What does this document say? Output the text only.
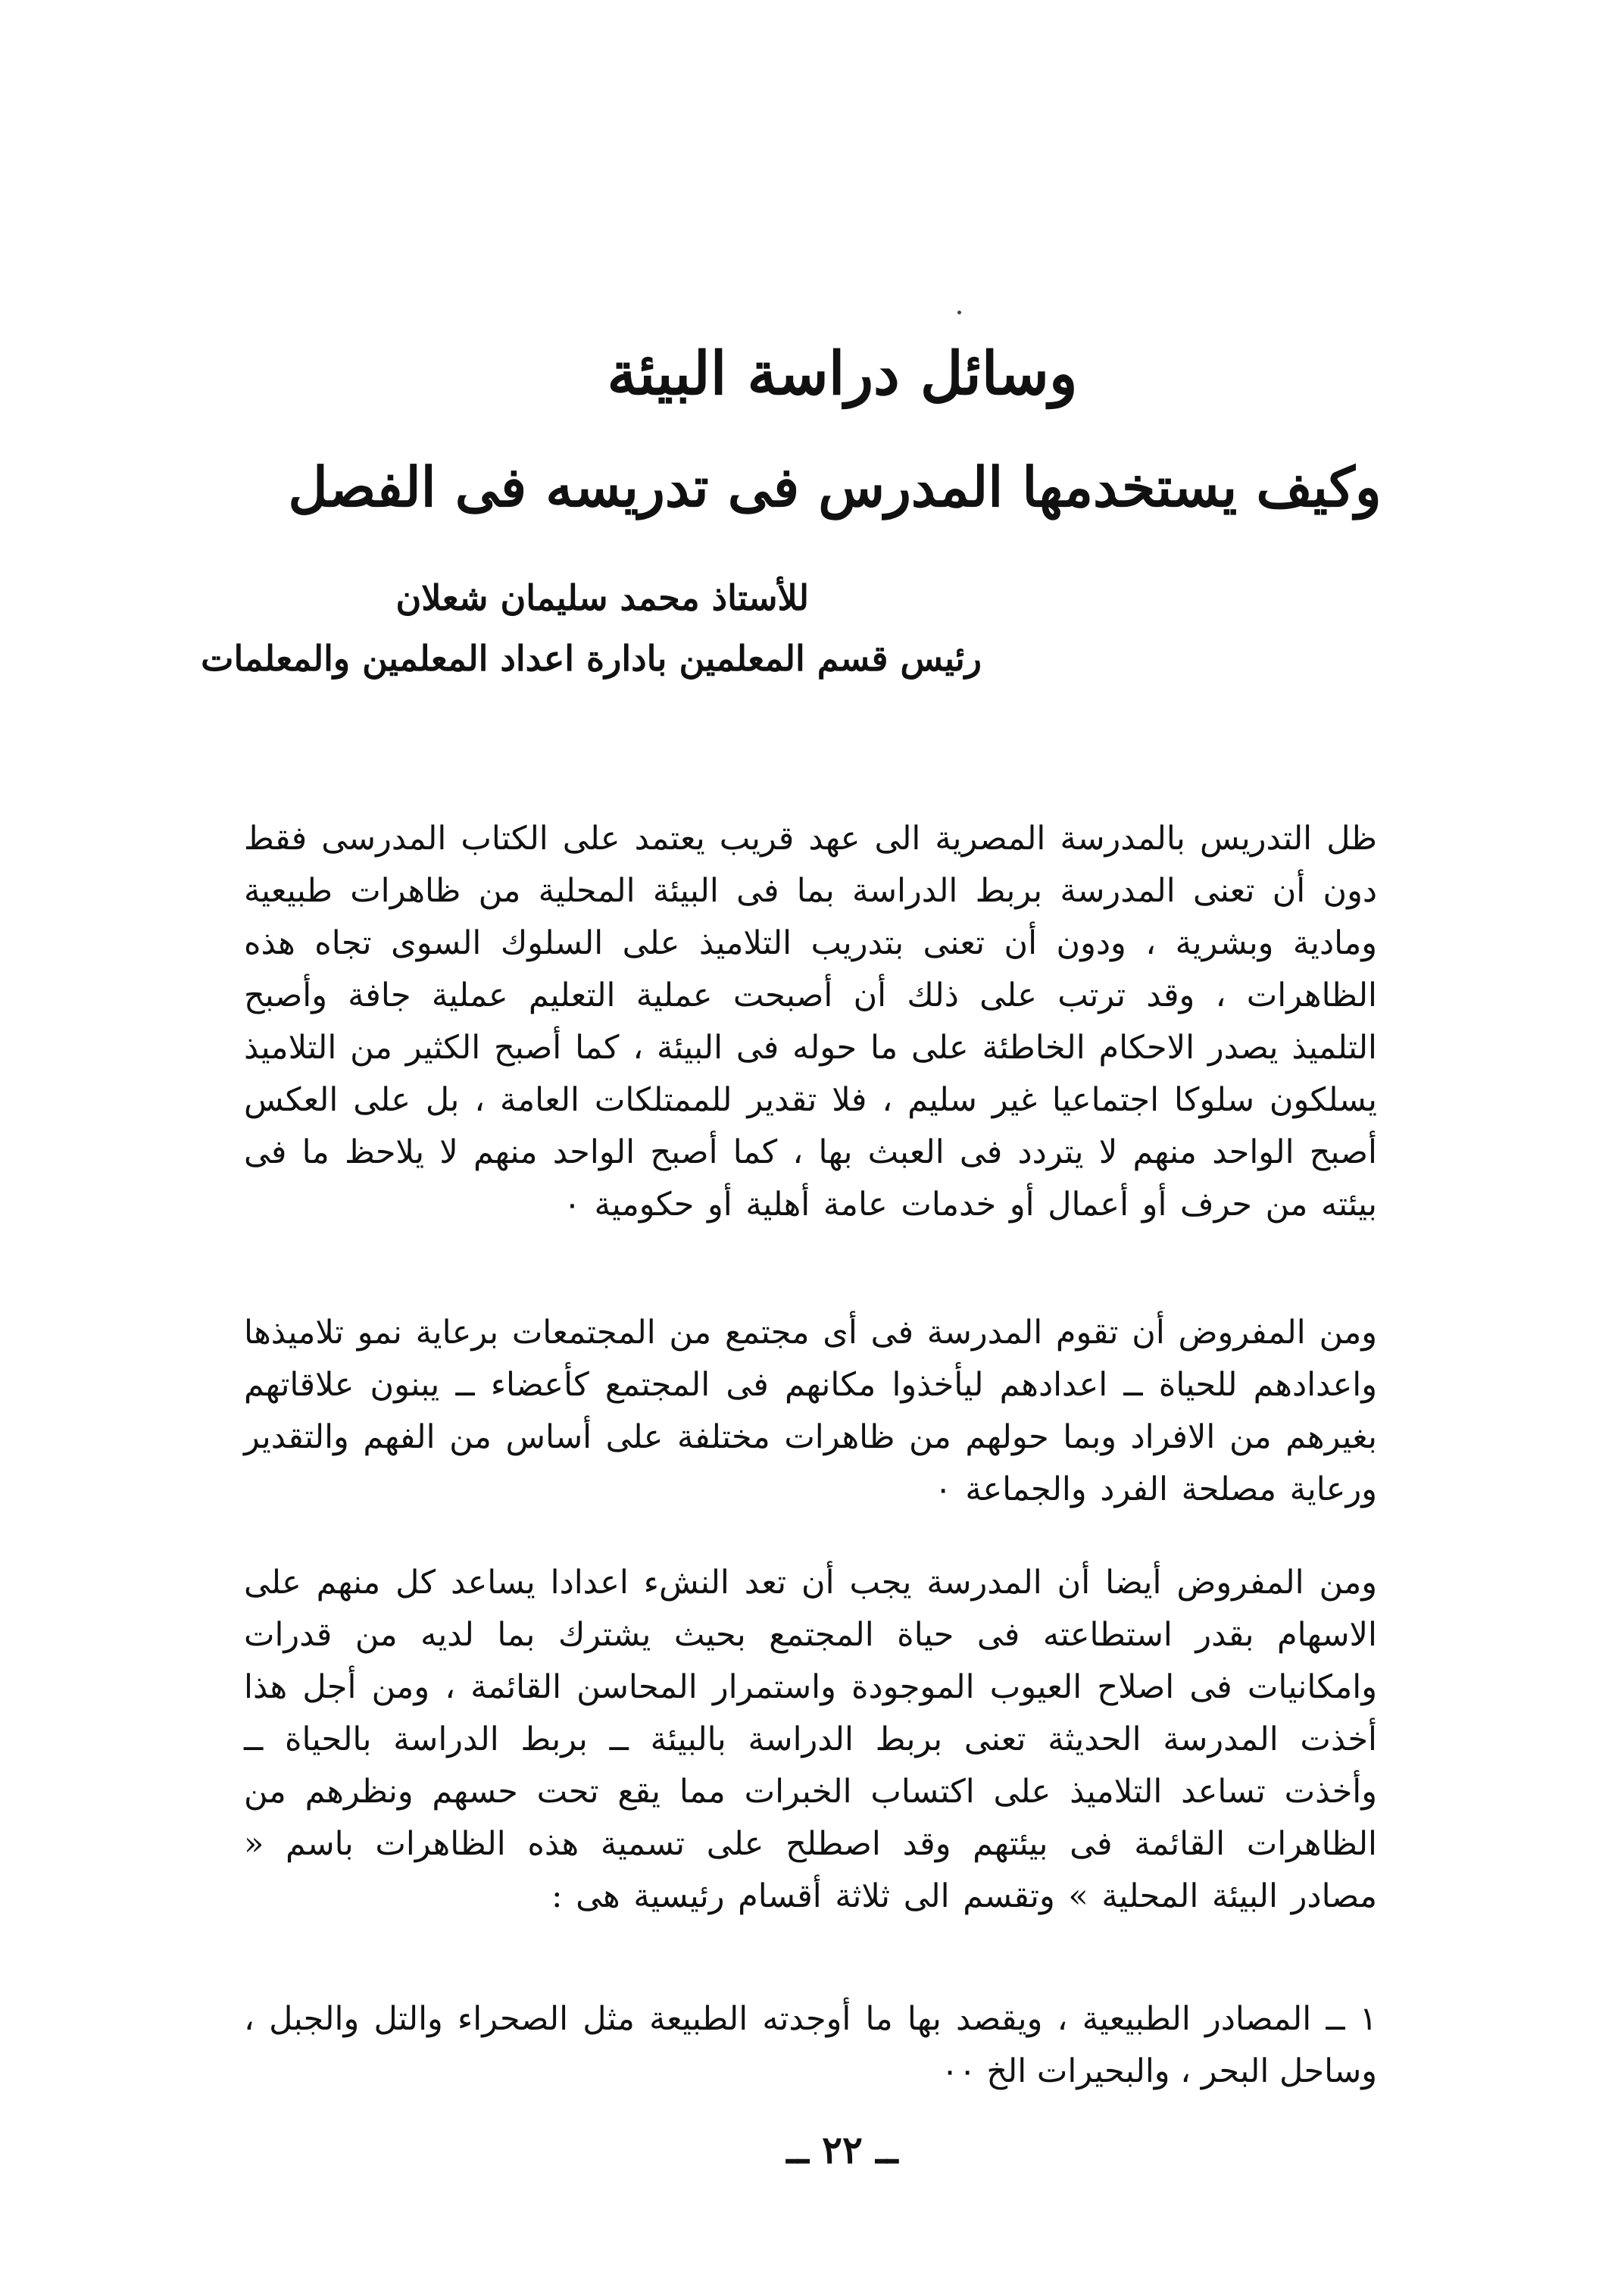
وسائل دراسة البيئة
وكيف يستخدمها المدرس فى تدريسه فى الفصل
للأستاذ محمد سليمان شعلان
رئيس قسم المعلمين بادارة اعداد المعلمين والمعلمات

ظل التدريس بالمدرسة المصرية الى عهد قريب يعتمد على الكتاب المدرسى فقط دون أن تعنى المدرسة بربط الدراسة بما فى البيئة المحلية من ظاهرات طبيعية ومادية وبشرية ، ودون أن تعنى بتدريب التلاميذ على السلوك السوى تجاه هذه الظاهرات ، وقد ترتب على ذلك أن أصبحت عملية التعليم عملية جافة وأصبح التلميذ يصدر الاحكام الخاطئة على ما حوله فى البيئة ، كما أصبح الكثير من التلاميذ يسلكون سلوكا اجتماعيا غير سليم ، فلا تقدير للممتلكات العامة ، بل على العكس أصبح الواحد منهم لا يتردد فى العبث بها ، كما أصبح الواحد منهم لا يلاحظ ما فى بيئته من حرف أو أعمال أو خدمات عامة أهلية أو حكومية ٠

ومن المفروض أن تقوم المدرسة فى أى مجتمع من المجتمعات برعاية نمو تلاميذها واعدادهم للحياة ــ اعدادهم ليأخذوا مكانهم فى المجتمع كأعضاء ــ يبنون علاقاتهم بغيرهم من الافراد وبما حولهم من ظاهرات مختلفة على أساس من الفهم والتقدير ورعاية مصلحة الفرد والجماعة ٠

ومن المفروض أيضا أن المدرسة يجب أن تعد النشء اعدادا يساعد كل منهم على الاسهام بقدر استطاعته فى حياة المجتمع بحيث يشترك بما لديه من قدرات وامكانيات فى اصلاح العيوب الموجودة واستمرار المحاسن القائمة ، ومن أجل هذا أخذت المدرسة الحديثة تعنى بربط الدراسة بالبيئة ــ بربط الدراسة بالحياة ــ وأخذت تساعد التلاميذ على اكتساب الخبرات مما يقع تحت حسهم ونظرهم من الظاهرات القائمة فى بيئتهم وقد اصطلح على تسمية هذه الظاهرات باسم « مصادر البيئة المحلية » وتقسم الى ثلاثة أقسام رئيسية هى :

١ ــ المصادر الطبيعية ، ويقصد بها ما أوجدته الطبيعة مثل الصحراء والتل والجبل ، وساحل البحر ، والبحيرات الخ ٠٠

ــ ٢٢ ــ
